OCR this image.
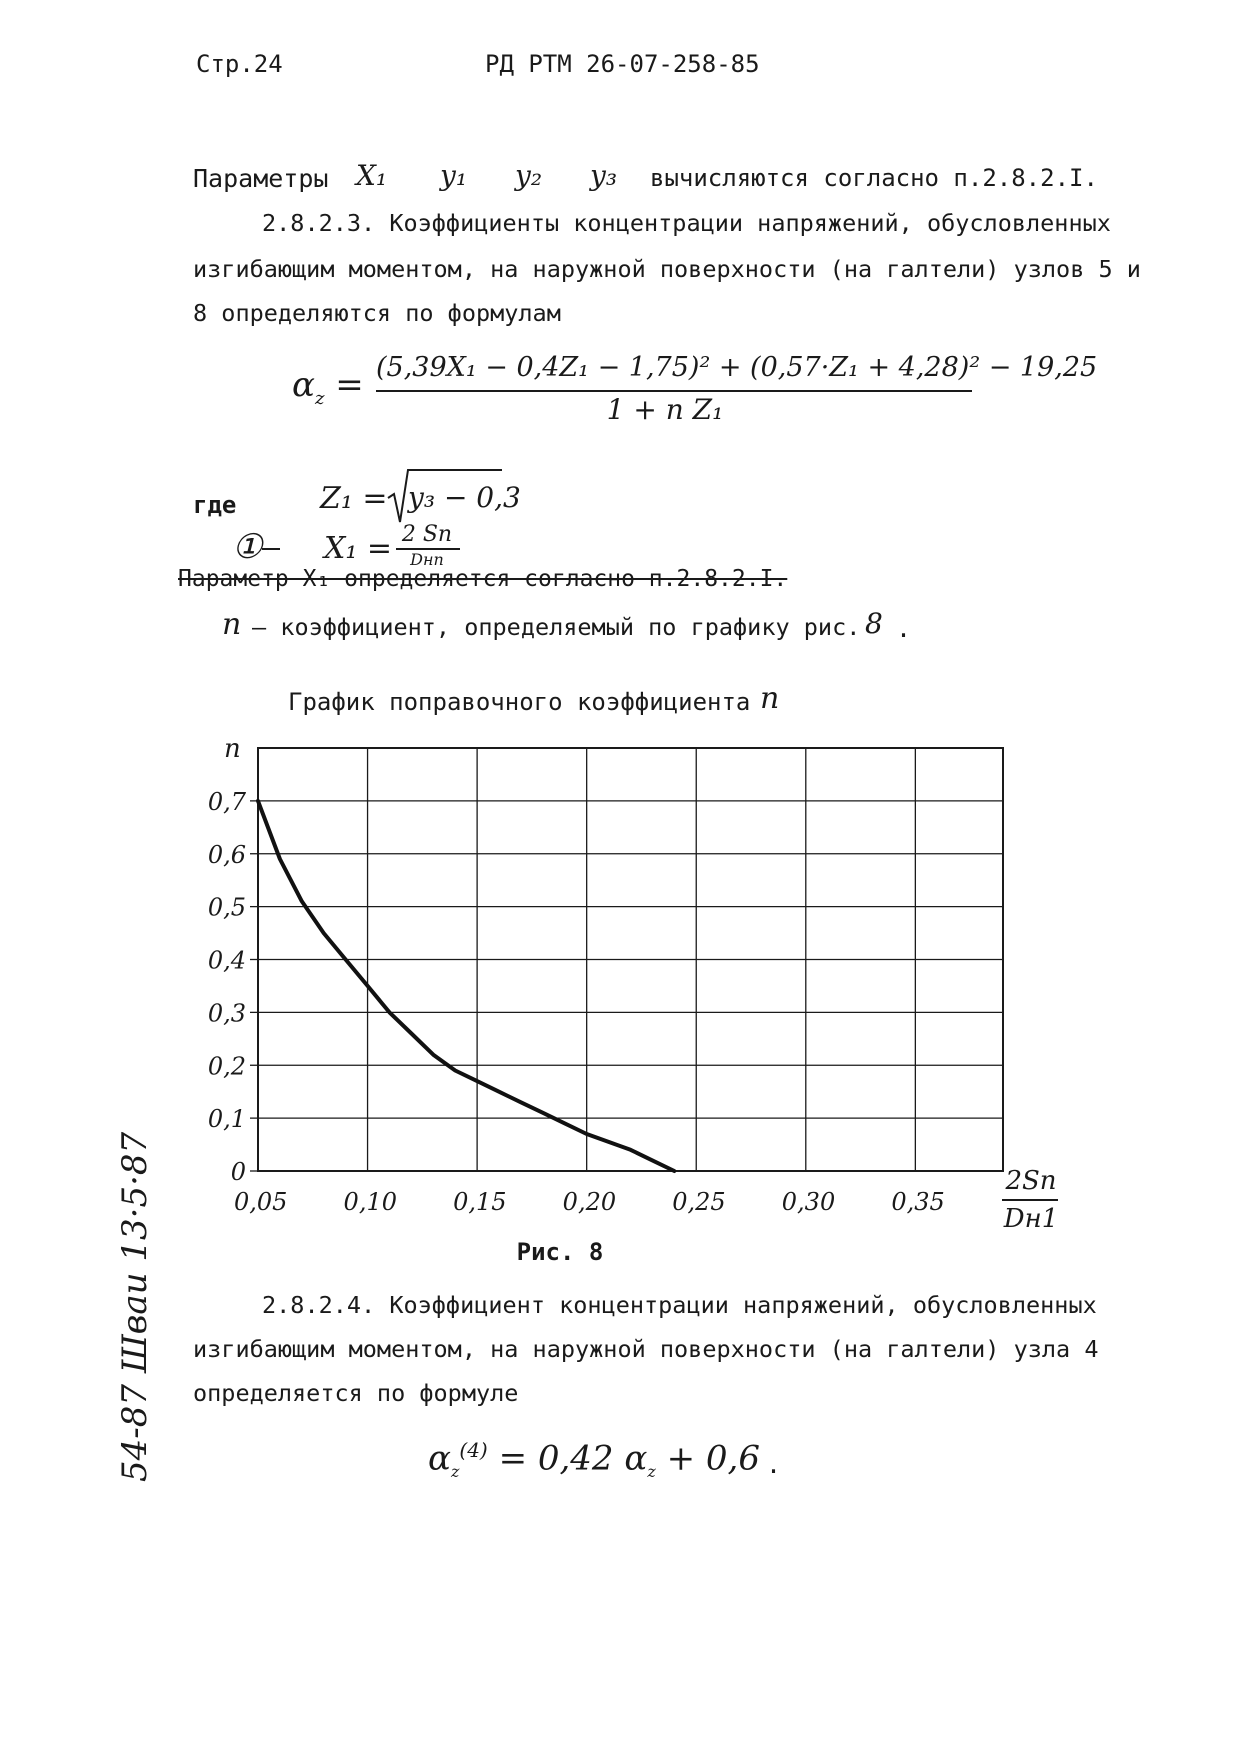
Стр.24	РД РТМ 26-07-258-85
Параметры X₁ y₁ y₂ y₃ вычисляются согласно п.2.8.2.I.
2.8.2.3. Коэффициенты концентрации напряжений, обусловленных
изгибающим моментом, на наружной поверхности (на галтели) узлов 5 и
8 определяются по формулам
$\alpha_z = (5,39X_1 - 0,4Z_1 - 1,75)^2 + (0,57\cdot Z_1 + 4,28)^2 - 19,25$
1 + n Z₁
где	Z₁ = y₃ − 0,3
① X₁ = 2 Sп
Dнп
Параметр X₁ определяется согласно п.2.8.2.I.
n – коэффициент, определяемый по графику рис. 8 .
График поправочного коэффициента n
0,05 0,10 0,15 0,20 0,25 0,30 0,35
0
0,1
0,2
0,3
0,4
0,5
0,6
0,7
n
2Sп
Dн1
Рис. 8
2.8.2.4. Коэффициент концентрации напряжений, обусловленных
изгибающим моментом, на наружной поверхности (на галтели) узла 4
определяется по формуле
$\alpha_z^{(4)} = 0,42$ $\alpha_z + 0,6$ .
54-87 Шваи 13·5·87
